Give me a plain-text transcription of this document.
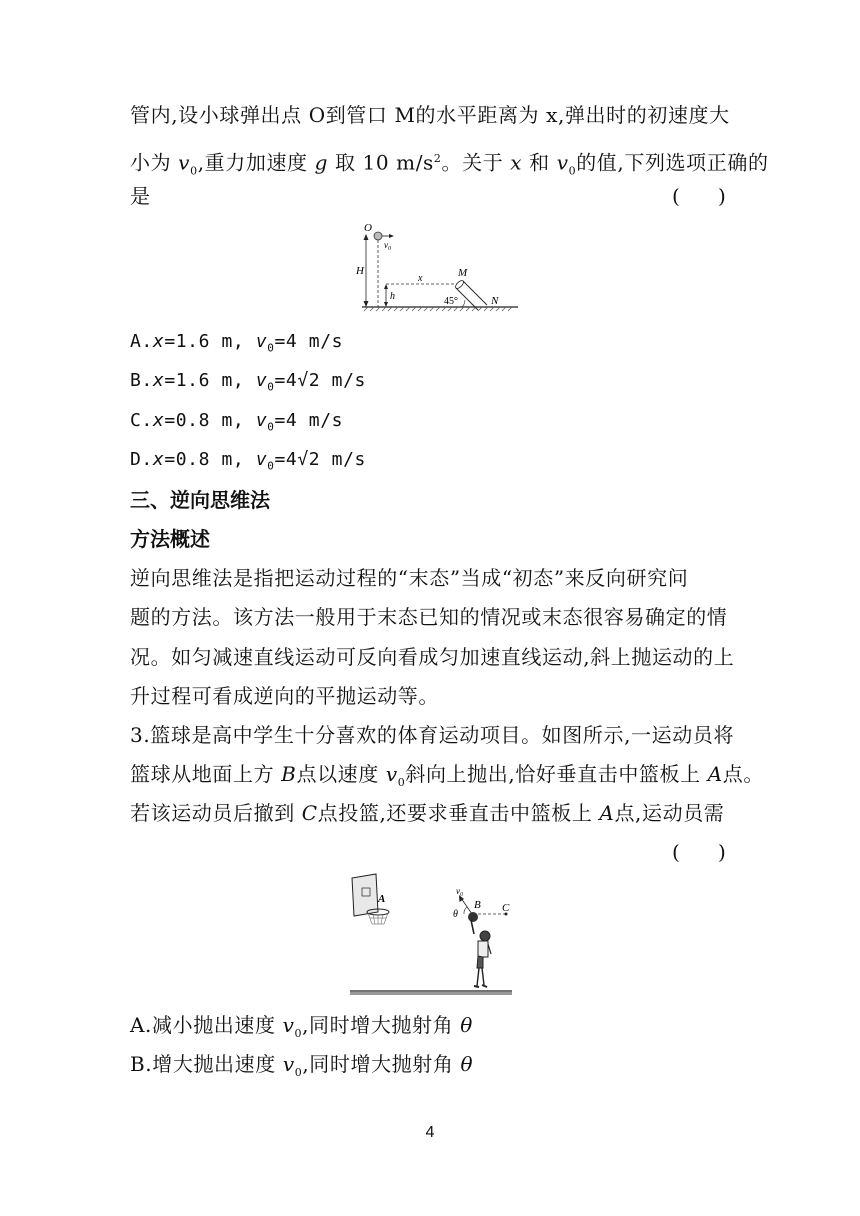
管内,设小球弹出点 O到管口 M的水平距离为 x,弹出时的初速度大
小为 $v_0$,重力加速度 g 取 10 $m/s^2$。关于 x 和 $v_0$的值,下列选项正确的
是	(      )
H
O
$v_0$
h
x	M
45°	N
A.x=1.6 m, $v_0=4$ m/s
B.x=1.6 m, $v_0=4√2$ m/s
C.x=0.8 m, $v_0=4$ m/s
D.x=0.8 m, $v_0=4√2$ m/s
三、逆向思维法
方法概述
逆向思维法是指把运动过程的“末态”当成“初态”来反向研究问
题的方法。该方法一般用于末态已知的情况或末态很容易确定的情
况。如匀减速直线运动可反向看成匀加速直线运动,斜上抛运动的上
升过程可看成逆向的平抛运动等。
3.篮球是高中学生十分喜欢的体育运动项目。如图所示,一运动员将
篮球从地面上方 B点以速度 $v_0$斜向上抛出,恰好垂直击中篮板上 A点。
若该运动员后撤到 C点投篮,还要求垂直击中篮板上 A点,运动员需
(      )
A
$v_0$
θ
C
B
A.减小抛出速度 $v_0$,同时增大抛射角 θ
B.增大抛出速度 $v_0$,同时增大抛射角 θ
4
